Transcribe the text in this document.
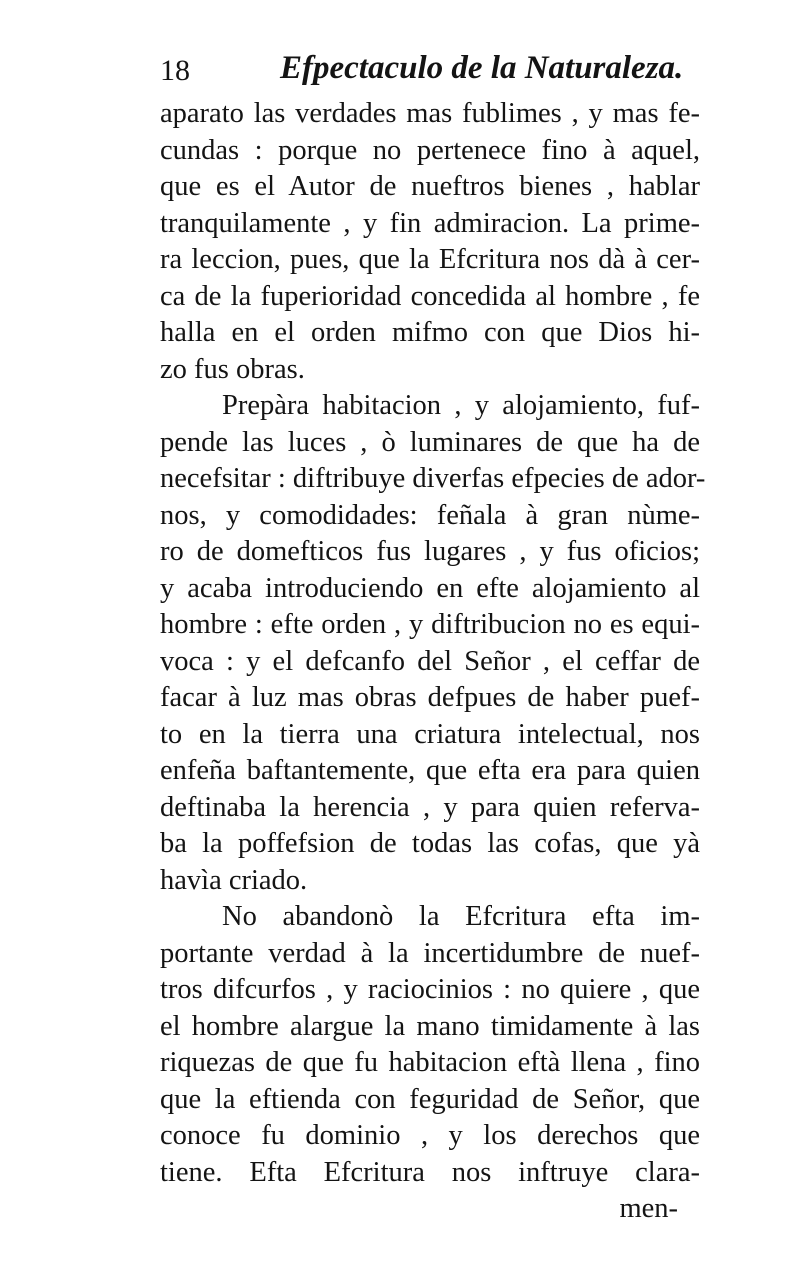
18	Efpectaculo de la Naturaleza.
aparato las verdades mas fublimes , y mas fe-
cundas : porque no pertenece fino à aquel,
que es el Autor de nueftros bienes , hablar
tranquilamente , y fin admiracion. La prime-
ra leccion, pues, que la Efcritura nos dà à cer-
ca de la fuperioridad concedida al hombre , fe
halla en el orden mifmo con que Dios hi-
zo fus obras.
Prepàra habitacion , y alojamiento, fuf-
pende las luces , ò luminares de que ha de
necefsitar : diftribuye diverfas efpecies de ador-
nos, y comodidades: feñala à gran nùme-
ro de domefticos fus lugares , y fus oficios;
y acaba introduciendo en efte alojamiento al
hombre : efte orden , y diftribucion no es equi-
voca : y el defcanfo del Señor , el ceffar de
facar à luz mas obras defpues de haber puef-
to en la tierra una criatura intelectual, nos
enfeña baftantemente, que efta era para quien
deftinaba la herencia , y para quien referva-
ba la poffefsion de todas las cofas, que yà
havìa criado.
No abandonò la Efcritura efta im-
portante verdad à la incertidumbre de nuef-
tros difcurfos , y raciocinios : no quiere , que
el hombre alargue la mano timidamente à las
riquezas de que fu habitacion eftà llena , fino
que la eftienda con feguridad de Señor, que
conoce fu dominio , y los derechos que
tiene. Efta Efcritura nos inftruye clara-
men-
